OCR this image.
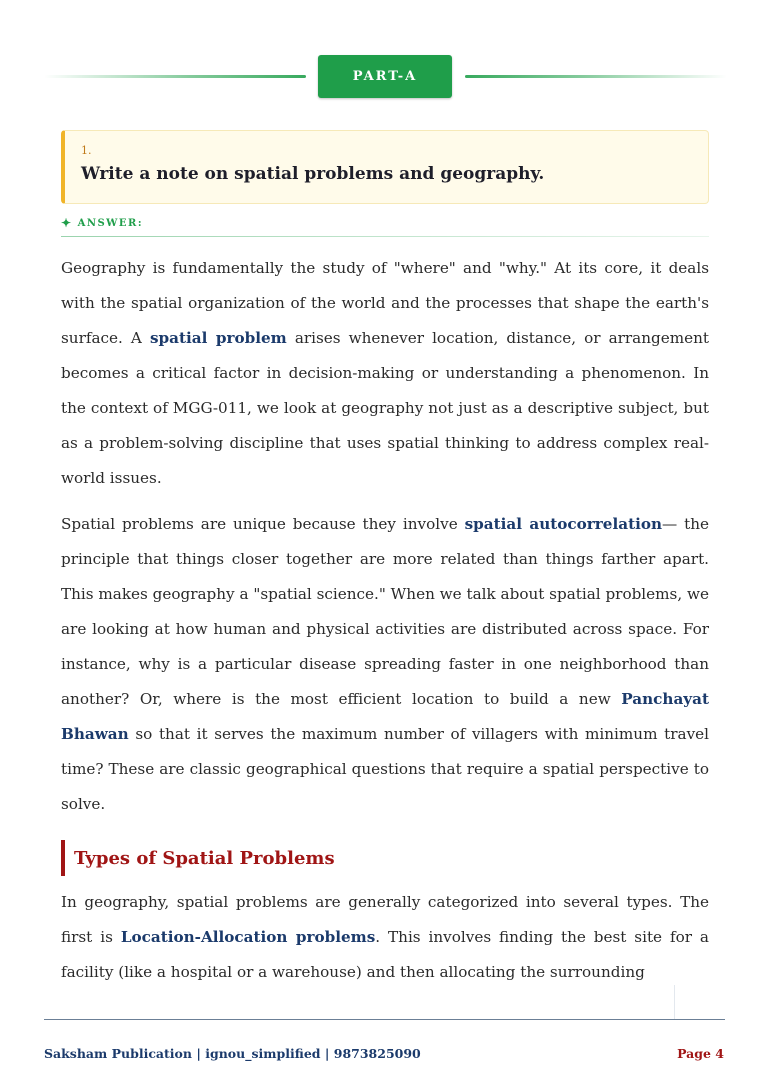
PART-A
1.
Write a note on spatial problems and geography.
✦ ANSWER:

Geography is fundamentally the study of "where" and "why." At its core, it deals with the spatial organization of the world and the processes that shape the earth's surface. A spatial problem arises whenever location, distance, or arrangement becomes a critical factor in decision-making or understanding a phenomenon. In the context of MGG-011, we look at geography not just as a descriptive subject, but as a problem-solving discipline that uses spatial thinking to address complex real-world issues.

Spatial problems are unique because they involve spatial autocorrelation— the principle that things closer together are more related than things farther apart. This makes geography a "spatial science." When we talk about spatial problems, we are looking at how human and physical activities are distributed across space. For instance, why is a particular disease spreading faster in one neighborhood than another? Or, where is the most efficient location to build a new Panchayat Bhawan so that it serves the maximum number of villagers with minimum travel time? These are classic geographical questions that require a spatial perspective to solve.

Types of Spatial Problems

In geography, spatial problems are generally categorized into several types. The first is Location-Allocation problems. This involves finding the best site for a facility (like a hospital or a warehouse) and then allocating the surrounding

Saksham Publication | ignou_simplified | 9873825090	Page 4
